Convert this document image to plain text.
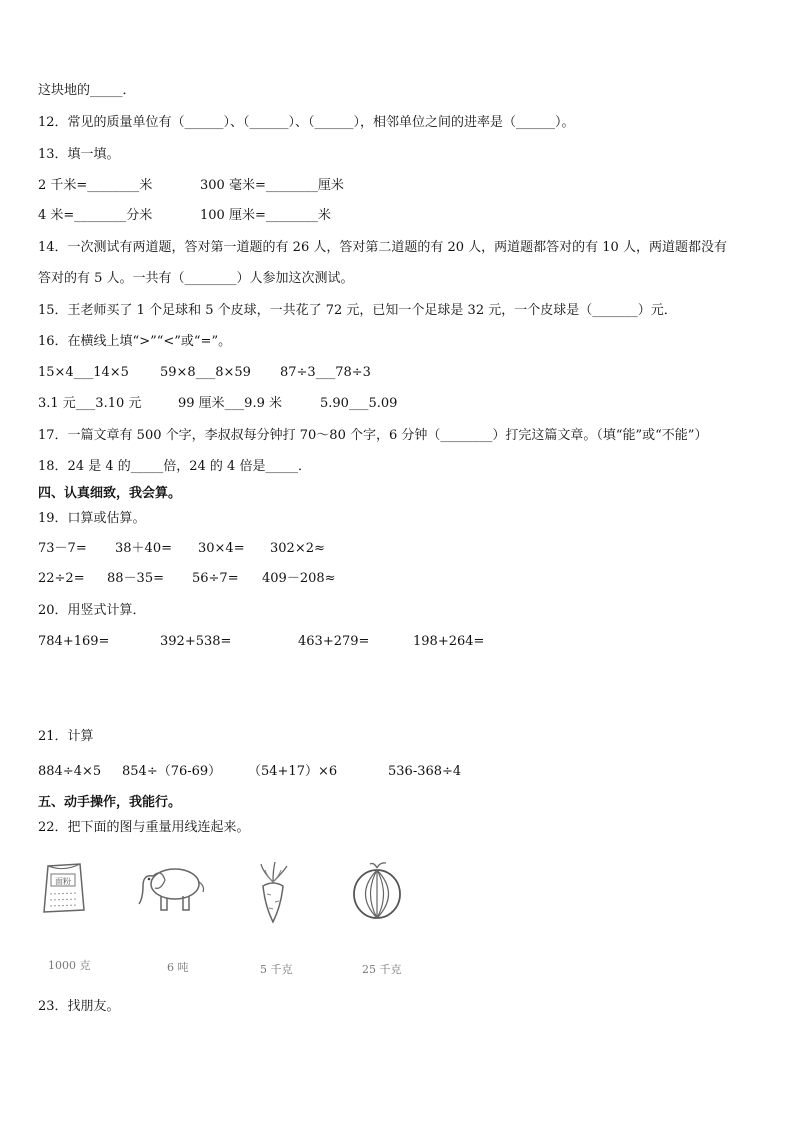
这块地的_____．
12．常见的质量单位有（______）、（______）、（______），相邻单位之间的进率是（______）。
13．填一填。
2 千米=________米	300 毫米=________厘米
4 米=________分米	100 厘米=________米
14．一次测试有两道题，答对第一道题的有 26 人，答对第二道题的有 20 人，两道题都答对的有 10 人，两道题都没有
答对的有 5 人。一共有（________）人参加这次测试。
15．王老师买了 1 个足球和 5 个皮球，一共花了 72 元，已知一个足球是 32 元，一个皮球是（_______）元．
16．在横线上填“>”“<”或“=”。
15×4___14×5 59×8___8×59 87÷3___78÷3
3.1 元___3.10 元	99 厘米___9.9 米	5.90___5.09
17．一篇文章有 500 个字，李叔叔每分钟打 70～80 个字，6 分钟（________）打完这篇文章。（填“能”或“不能”）
18．24 是 4 的_____倍，24 的 4 倍是_____．
四、认真细致，我会算。
19．口算或估算。
73－7= 38＋40= 30×4= 302×2≈
22÷2= 88－35= 56÷7= 409－208≈
20．用竖式计算．
784+169=	392+538=	463+279=	198+264=
21．计算
884÷4×5 854÷（76-69） （54+17）×6	536-368÷4
五、动手操作，我能行。
22．把下面的图与重量用线连起来。
面粉
1000 克	6 吨	5 千克	25 千克
23．找朋友。
